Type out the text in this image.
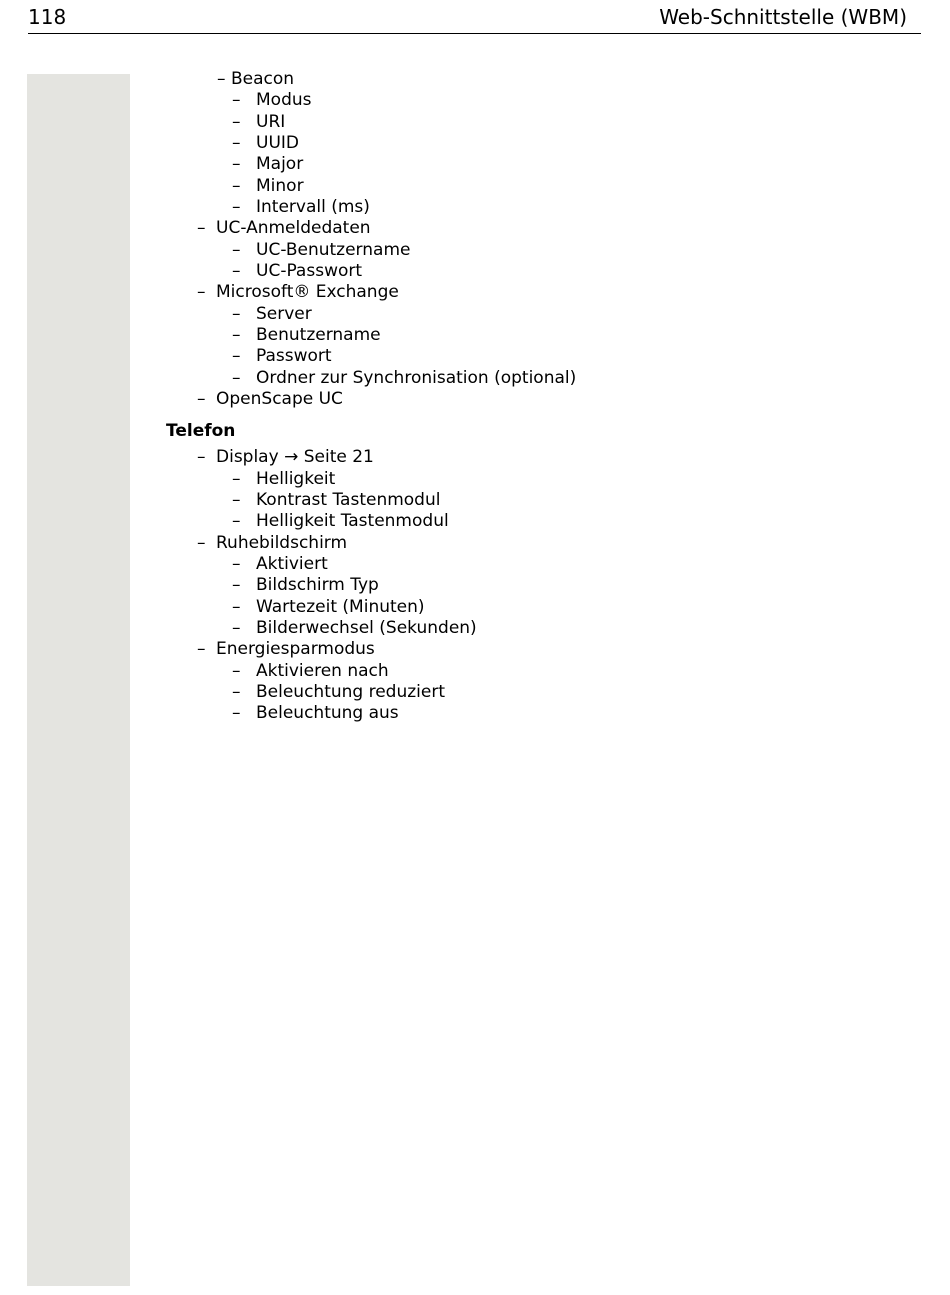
118	Web-Schnittstelle (WBM)
– Beacon
– Modus
– URI
– UUID
– Major
– Minor
– Intervall (ms)
– UC-Anmeldedaten
– UC-Benutzername
– UC-Passwort
– Microsoft® Exchange
– Server
– Benutzername
– Passwort
– Ordner zur Synchronisation (optional)
– OpenScape UC
Telefon
– Display → Seite 21
– Helligkeit
– Kontrast Tastenmodul
– Helligkeit Tastenmodul
– Ruhebildschirm
– Aktiviert
– Bildschirm Typ
– Wartezeit (Minuten)
– Bilderwechsel (Sekunden)
– Energiesparmodus
– Aktivieren nach
– Beleuchtung reduziert
– Beleuchtung aus
